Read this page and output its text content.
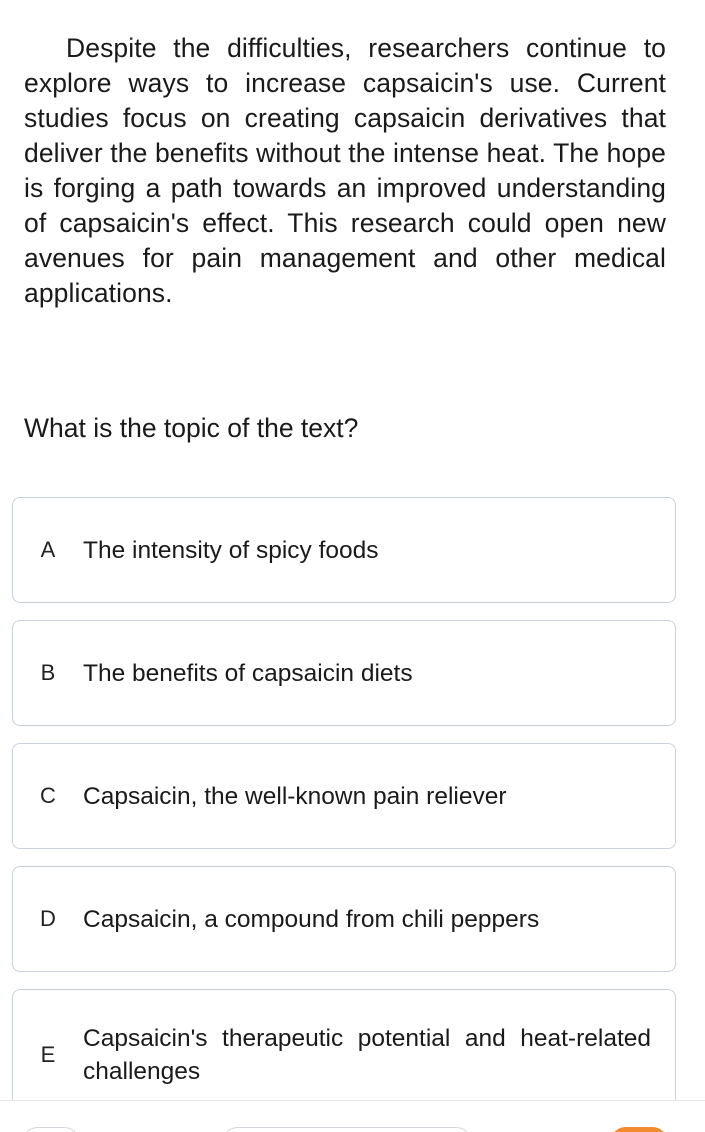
Despite the difficulties, researchers continue to explore ways to increase capsaicin's use. Current studies focus on creating capsaicin derivatives that deliver the benefits without the intense heat. The hope is forging a path towards an improved understanding of capsaicin's effect. This research could open new avenues for pain management and other medical applications.

What is the topic of the text?
A	The intensity of spicy foods
B	The benefits of capsaicin diets
C	Capsaicin, the well-known pain reliever
D	Capsaicin, a compound from chili peppers
E
Capsaicin's therapeutic potential and heat-related challenges
